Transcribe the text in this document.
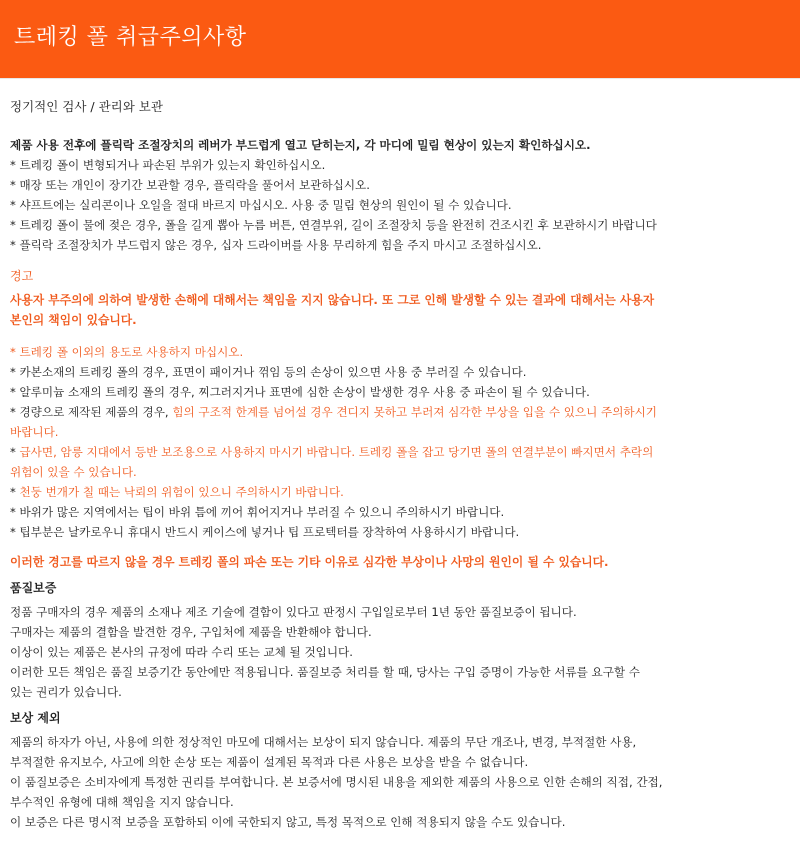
트레킹 폴 취급주의사항
정기적인 검사 / 관리와 보관

제품 사용 전후에 플릭락 조절장치의 레버가 부드럽게 열고 닫히는지, 각 마디에 밀림 현상이 있는지 확인하십시오.

* 트레킹 폴이 변형되거나 파손된 부위가 있는지 확인하십시오.

* 매장 또는 개인이 장기간 보관할 경우, 플릭락을 풀어서 보관하십시오.

* 샤프트에는 실리콘이나 오일을 절대 바르지 마십시오. 사용 중 밀림 현상의 원인이 될 수 있습니다.

* 트레킹 폴이 물에 젖은 경우, 폴을 길게 뽑아 누름 버튼, 연결부위, 길이 조절장치 등을 완전히 건조시킨 후 보관하시기 바랍니다

* 플릭락 조절장치가 부드럽지 않은 경우, 십자 드라이버를 사용 무리하게 힘을 주지 마시고 조절하십시오.

경고
사용자 부주의에 의하여 발생한 손해에 대해서는 책임을 지지 않습니다. 또 그로 인해 발생할 수 있는 결과에 대해서는 사용자
본인의 책임이 있습니다.

* 트레킹 폴 이외의 용도로 사용하지 마십시오.

* 카본소재의 트레킹 폴의 경우, 표면이 패이거나 꺾임 등의 손상이 있으면 사용 중 부러질 수 있습니다.

* 알루미늄 소재의 트레킹 폴의 경우, 찌그러지거나 표면에 심한 손상이 발생한 경우 사용 중 파손이 될 수 있습니다.

* 경량으로 제작된 제품의 경우, 힘의 구조적 한계를 넘어설 경우 견디지 못하고 부러져 심각한 부상을 입을 수 있으니 주의하시기
바랍니다.

* 급사면, 암릉 지대에서 등반 보조용으로 사용하지 마시기 바랍니다. 트레킹 폴을 잡고 당기면 폴의 연결부분이 빠지면서 추락의
위험이 있을 수 있습니다.

* 천둥 번개가 칠 때는 낙뢰의 위험이 있으니 주의하시기 바랍니다.

* 바위가 많은 지역에서는 팁이 바위 틈에 끼어 휘어지거나 부러질 수 있으니 주의하시기 바랍니다.

* 팁부분은 날카로우니 휴대시 반드시 케이스에 넣거나 팁 프로텍터를 장착하여 사용하시기 바랍니다.

이러한 경고를 따르지 않을 경우 트레킹 폴의 파손 또는 기타 이유로 심각한 부상이나 사망의 원인이 될 수 있습니다.

품질보증

정품 구매자의 경우 제품의 소재나 제조 기술에 결함이 있다고 판정시 구입일로부터 1년 동안 품질보증이 됩니다.

구매자는 제품의 결함을 발견한 경우, 구입처에 제품을 반환해야 합니다.

이상이 있는 제품은 본사의 규정에 따라 수리 또는 교체 될 것입니다.

이러한 모든 책임은 품질 보증기간 동안에만 적용됩니다. 품질보증 처리를 할 때, 당사는 구입 증명이 가능한 서류를 요구할 수

있는 권리가 있습니다.

보상 제외

제품의 하자가 아닌, 사용에 의한 정상적인 마모에 대해서는 보상이 되지 않습니다. 제품의 무단 개조나, 변경, 부적절한 사용,

부적절한 유지보수, 사고에 의한 손상 또는 제품이 설계된 목적과 다른 사용은 보상을 받을 수 없습니다.

이 품질보증은 소비자에게 특정한 권리를 부여합니다. 본 보증서에 명시된 내용을 제외한 제품의 사용으로 인한 손해의 직접, 간접,

부수적인 유형에 대해 책임을 지지 않습니다.

이 보증은 다른 명시적 보증을 포함하되 이에 국한되지 않고, 특정 목적으로 인해 적용되지 않을 수도 있습니다.
